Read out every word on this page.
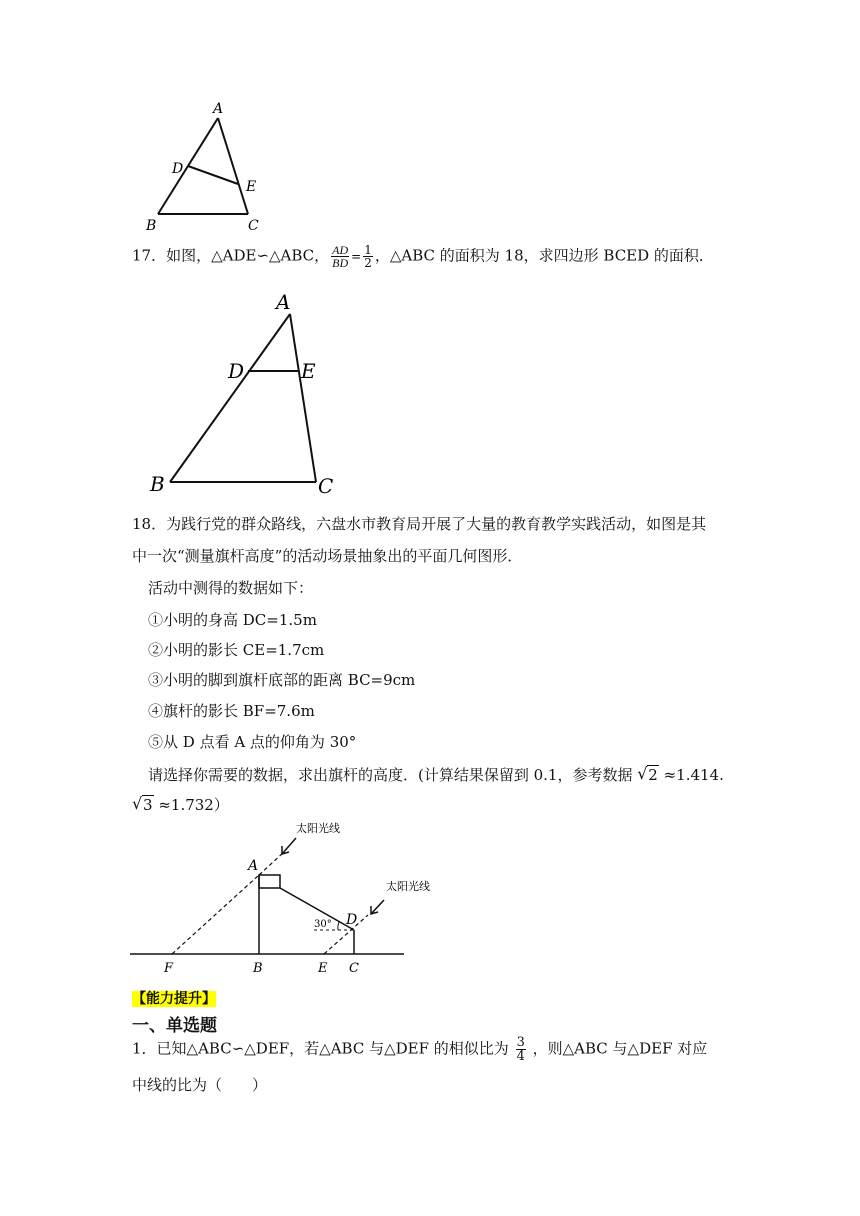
A
D
E
B	C
17．如图，△ADE∽△ABC， $\frac{AD}{BD} = \frac{1}{2}$ ，△ABC 的面积为 18，求四边形 BCED 的面积．
A
D	E
B	C
18．为践行党的群众路线，六盘水市教育局开展了大量的教育教学实践活动，如图是其
中一次“测量旗杆高度”的活动场景抽象出的平面几何图形．
活动中测得的数据如下：
①小明的身高 DC=1.5m
②小明的影长 CE=1.7cm
③小明的脚到旗杆底部的距离 BC=9cm
④旗杆的影长 BF=7.6m
⑤从 D 点看 A 点的仰角为 30°
请选择你需要的数据，求出旗杆的高度．(计算结果保留到 0.1，参考数据 √ 2 ≈1.414.
√ 3 ≈1.732）
太阳光线
太阳光线
30°
A
D
F	B	E C
【能力提升】
一、单选题
1．已知△ABC∽△DEF，若△ABC 与△DEF 的相似比为 $\frac{3}{4}$ ，则△ABC 与△DEF 对应
中线的比为（　　）
